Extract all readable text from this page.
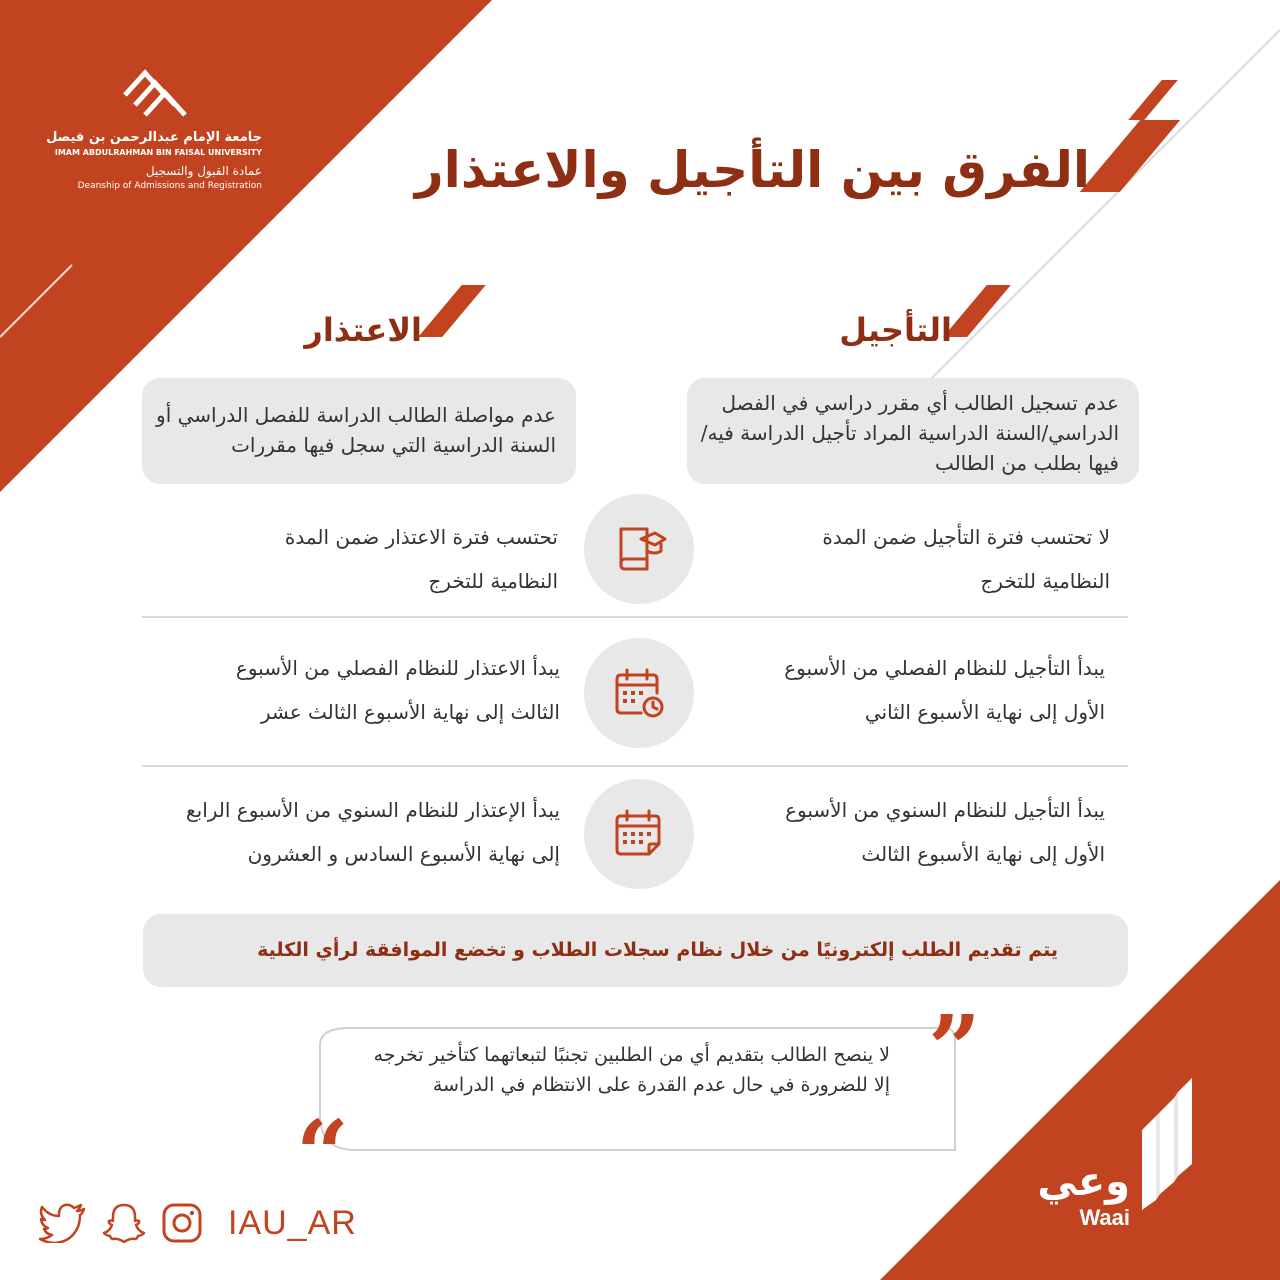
جامعة الإمام عبدالرحمن بن فيصل
IMAM ABDULRAHMAN BIN FAISAL UNIVERSITY
عمادة القبول والتسجيل
Deanship of Admissions and Registration	الفرق بين التأجيل والاعتذار
التأجيل
الاعتذار
عدم تسجيل الطالب أي مقرر دراسي في الفصل الدراسي/السنة الدراسية المراد تأجيل الدراسة فيه/فيها بطلب من الطالب
عدم مواصلة الطالب الدراسة للفصل الدراسي أو السنة الدراسية التي سجل فيها مقررات
لا تحتسب فترة التأجيل ضمن المدة
النظامية للتخرج
تحتسب فترة الاعتذار ضمن المدة
النظامية للتخرج
يبدأ التأجيل للنظام الفصلي من الأسبوع
الأول إلى نهاية الأسبوع الثاني
يبدأ الاعتذار للنظام الفصلي من الأسبوع
الثالث إلى نهاية الأسبوع الثالث عشر
يبدأ التأجيل للنظام السنوي من الأسبوع
الأول إلى نهاية الأسبوع الثالث
يبدأ الإعتذار للنظام السنوي من الأسبوع الرابع
إلى نهاية الأسبوع السادس و العشرون
يتم تقديم الطلب إلكترونيًا من خلال نظام سجلات الطلاب و تخضع الموافقة لرأي الكلية
”
“
لا ينصح الطالب بتقديم أي من الطلبين تجنبًا لتبعاتهما كتأخير تخرجه إلا للضرورة في حال عدم القدرة على الانتظام في الدراسة
IAU_AR
وعي
Waai
